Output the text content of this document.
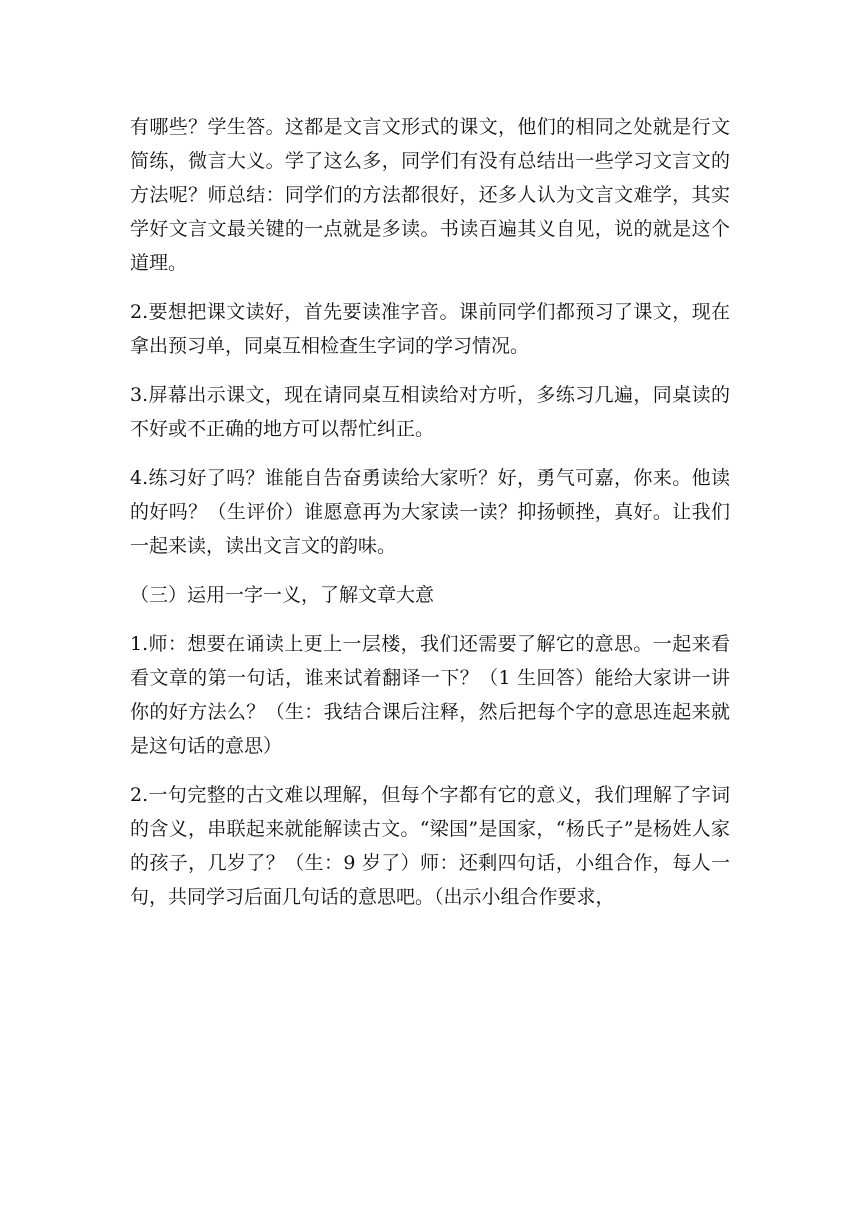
有哪些？学生答。这都是文言文形式的课文，他们的相同之处就是行文简练，微言大义。学了这么多，同学们有没有总结出一些学习文言文的方法呢？师总结：同学们的方法都很好，还多人认为文言文难学，其实学好文言文最关键的一点就是多读。书读百遍其义自见，说的就是这个道理。

2.要想把课文读好，首先要读准字音。课前同学们都预习了课文，现在拿出预习单，同桌互相检查生字词的学习情况。

3.屏幕出示课文，现在请同桌互相读给对方听，多练习几遍，同桌读的不好或不正确的地方可以帮忙纠正。

4.练习好了吗？谁能自告奋勇读给大家听？好，勇气可嘉，你来。他读的好吗？（生评价）谁愿意再为大家读一读？抑扬顿挫，真好。让我们一起来读，读出文言文的韵味。

（三）运用一字一义，了解文章大意

1.师：想要在诵读上更上一层楼，我们还需要了解它的意思。一起来看看文章的第一句话，谁来试着翻译一下？（1 生回答）能给大家讲一讲你的好方法么？（生：我结合课后注释，然后把每个字的意思连起来就是这句话的意思）

2.一句完整的古文难以理解，但每个字都有它的意义，我们理解了字词的含义，串联起来就能解读古文。“梁国”是国家，“杨氏子”是杨姓人家的孩子，几岁了？（生：9 岁了）师：还剩四句话，小组合作，每人一句，共同学习后面几句话的意思吧。（出示小组合作要求，
